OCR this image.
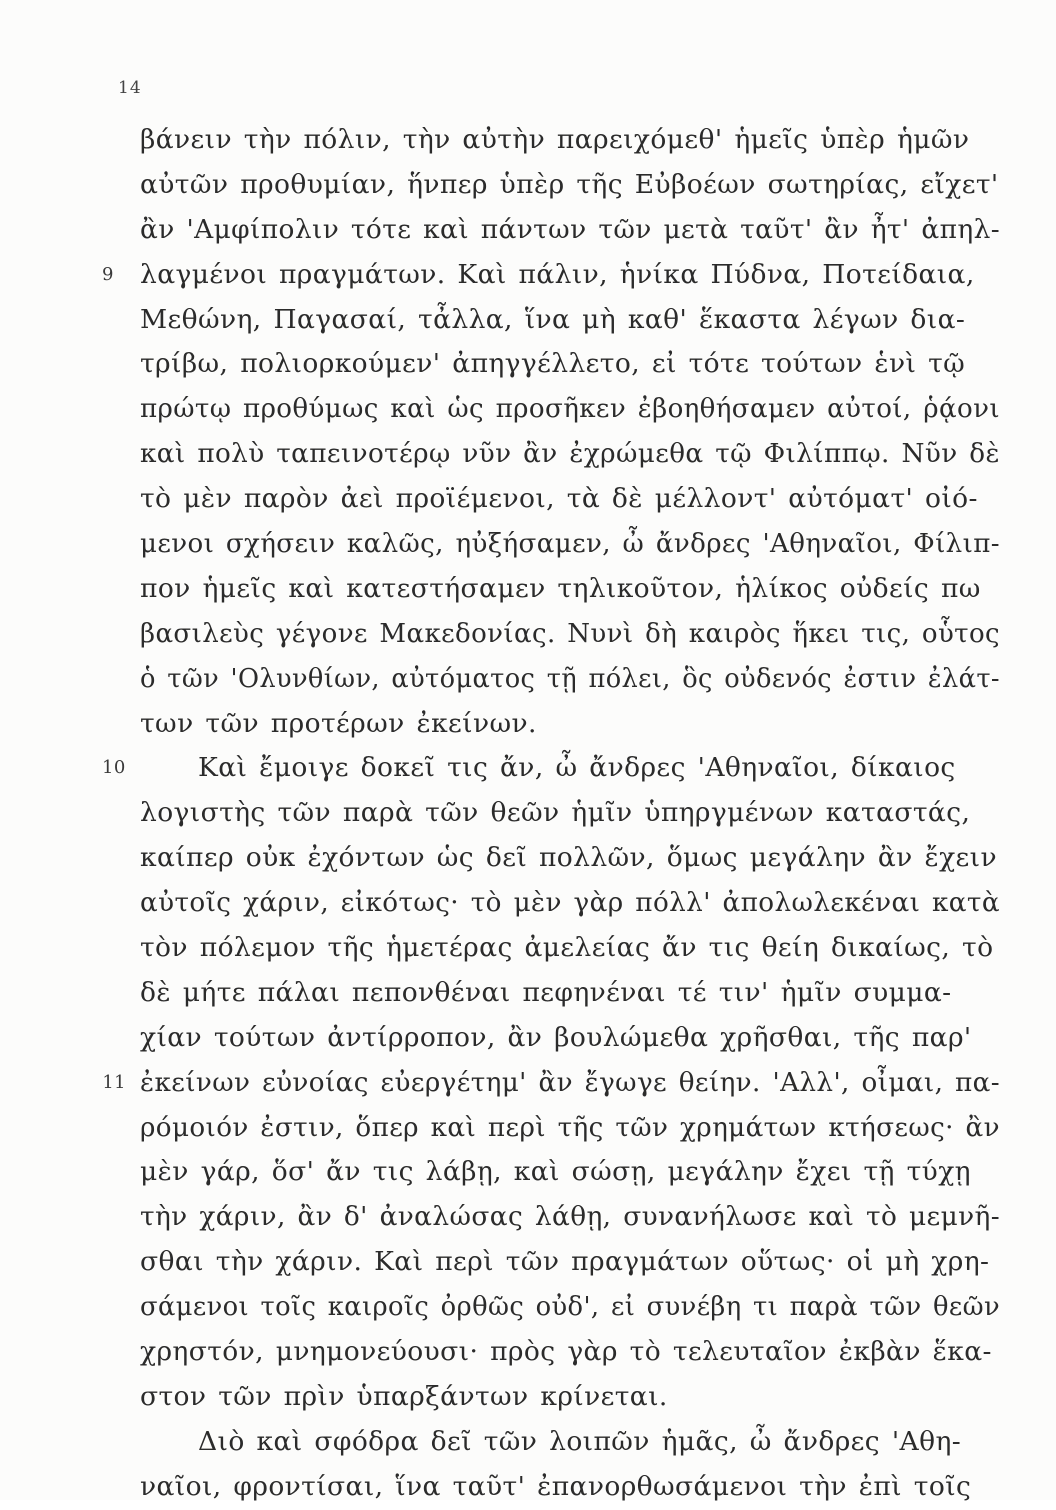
14
βάνειν τὴν πόλιν, τὴν αὐτὴν παρειχόμεθ' ἡμεῖς ὑπὲρ ἡμῶν
αὐτῶν προθυμίαν, ἥνπερ ὑπὲρ τῆς Εὐβοέων σωτηρίας, εἴχετ'
ἂν 'Αμφίπολιν τότε καὶ πάντων τῶν μετὰ ταῦτ' ἂν ἦτ' ἀπηλ-
9 λαγμένοι πραγμάτων. Καὶ πάλιν, ἡνίκα Πύδνα, Ποτείδαια,
Μεθώνη, Παγασαί, τἆλλα, ἵνα μὴ καθ' ἕκαστα λέγων δια-
τρίβω, πολιορκούμεν' ἀπηγγέλλετο, εἰ τότε τούτων ἑνὶ τῷ
πρώτῳ προθύμως καὶ ὡς προσῆκεν ἐβοηθήσαμεν αὐτοί, ῥᾴονι
καὶ πολὺ ταπεινοτέρῳ νῦν ἂν ἐχρώμεθα τῷ Φιλίππῳ. Νῦν δὲ
τὸ μὲν παρὸν ἀεὶ προϊέμενοι, τὰ δὲ μέλλοντ' αὐτόματ' οἰό-
μενοι σχήσειν καλῶς, ηὐξήσαμεν, ὦ ἄνδρες 'Αθηναῖοι, Φίλιπ-
πον ἡμεῖς καὶ κατεστήσαμεν τηλικοῦτον, ἡλίκος οὐδείς πω
βασιλεὺς γέγονε Μακεδονίας. Νυνὶ δὴ καιρὸς ἥκει τις, οὗτος
ὁ τῶν 'Ολυνθίων, αὐτόματος τῇ πόλει, ὃς οὐδενός ἐστιν ἐλάτ-
των τῶν προτέρων ἐκείνων.
10	Καὶ ἔμοιγε δοκεῖ τις ἄν, ὦ ἄνδρες 'Αθηναῖοι, δίκαιος
λογιστὴς τῶν παρὰ τῶν θεῶν ἡμῖν ὑπηργμένων καταστάς,
καίπερ οὐκ ἐχόντων ὡς δεῖ πολλῶν, ὅμως μεγάλην ἂν ἔχειν
αὐτοῖς χάριν, εἰκότως· τὸ μὲν γὰρ πόλλ' ἀπολωλεκέναι κατὰ
τὸν πόλεμον τῆς ἡμετέρας ἀμελείας ἄν τις θείη δικαίως, τὸ
δὲ μήτε πάλαι πεπονθέναι πεφηνέναι τέ τιν' ἡμῖν συμμα-
χίαν τούτων ἀντίρροπον, ἂν βουλώμεθα χρῆσθαι, τῆς παρ'
11 ἐκείνων εὐνοίας εὐεργέτημ' ἂν ἔγωγε θείην. 'Αλλ', οἶμαι, πα-
ρόμοιόν ἐστιν, ὅπερ καὶ περὶ τῆς τῶν χρημάτων κτήσεως· ἂν
μὲν γάρ, ὅσ' ἄν τις λάβῃ, καὶ σώσῃ, μεγάλην ἔχει τῇ τύχῃ
τὴν χάριν, ἂν δ' ἀναλώσας λάθῃ, συνανήλωσε καὶ τὸ μεμνῆ-
σθαι τὴν χάριν. Καὶ περὶ τῶν πραγμάτων οὕτως· οἱ μὴ χρη-
σάμενοι τοῖς καιροῖς ὀρθῶς οὐδ', εἰ συνέβη τι παρὰ τῶν θεῶν
χρηστόν, μνημονεύουσι· πρὸς γὰρ τὸ τελευταῖον ἐκβὰν ἕκα-
στον τῶν πρὶν ὑπαρξάντων κρίνεται.
Διὸ καὶ σφόδρα δεῖ τῶν λοιπῶν ἡμᾶς, ὦ ἄνδρες 'Αθη-
ναῖοι, φροντίσαι, ἵνα ταῦτ' ἐπανορθωσάμενοι τὴν ἐπὶ τοῖς
